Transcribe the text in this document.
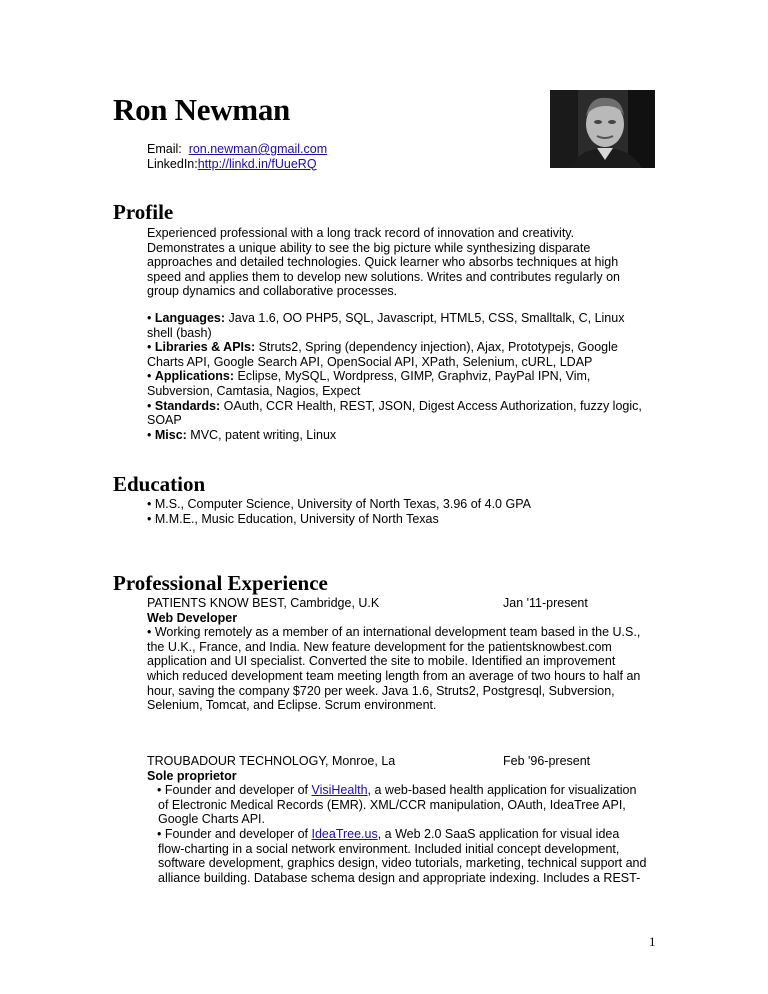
Ron Newman
Email: ron.newman@gmail.com
LinkedIn:http://linkd.in/fUueRQ
Profile

Experienced professional with a long track record of innovation and creativity.

Demonstrates a unique ability to see the big picture while synthesizing disparate

approaches and detailed technologies. Quick learner who absorbs techniques at high

speed and applies them to develop new solutions. Writes and contributes regularly on

group dynamics and collaborative processes.

• Languages: Java 1.6, OO PHP5, SQL, Javascript, HTML5, CSS, Smalltalk, C, Linux

shell (bash)

• Libraries & APIs: Struts2, Spring (dependency injection), Ajax, Prototypejs, Google

Charts API, Google Search API, OpenSocial API, XPath, Selenium, cURL, LDAP

• Applications: Eclipse, MySQL, Wordpress, GIMP, Graphviz, PayPal IPN, Vim,

Subversion, Camtasia, Nagios, Expect

• Standards: OAuth, CCR Health, REST, JSON, Digest Access Authorization, fuzzy logic,

SOAP

• Misc: MVC, patent writing, Linux

Education

• M.S., Computer Science, University of North Texas, 3.96 of 4.0 GPA

• M.M.E., Music Education, University of North Texas

Professional Experience
PATIENTS KNOW BEST, Cambridge, U.K	Jan '11-present

Web Developer

• Working remotely as a member of an international development team based in the U.S.,

the U.K., France, and India. New feature development for the patientsknowbest.com

application and UI specialist. Converted the site to mobile. Identified an improvement

which reduced development team meeting length from an average of two hours to half an

hour, saving the company $720 per week. Java 1.6, Struts2, Postgresql, Subversion,

Selenium, Tomcat, and Eclipse. Scrum environment.

TROUBADOUR TECHNOLOGY, Monroe, La	Feb '96-present

Sole proprietor

• Founder and developer of VisiHealth, a web-based health application for visualization

of Electronic Medical Records (EMR). XML/CCR manipulation, OAuth, IdeaTree API,

Google Charts API.

• Founder and developer of IdeaTree.us, a Web 2.0 SaaS application for visual idea

flow-charting in a social network environment. Included initial concept development,

software development, graphics design, video tutorials, marketing, technical support and

alliance building. Database schema design and appropriate indexing. Includes a REST-

1
